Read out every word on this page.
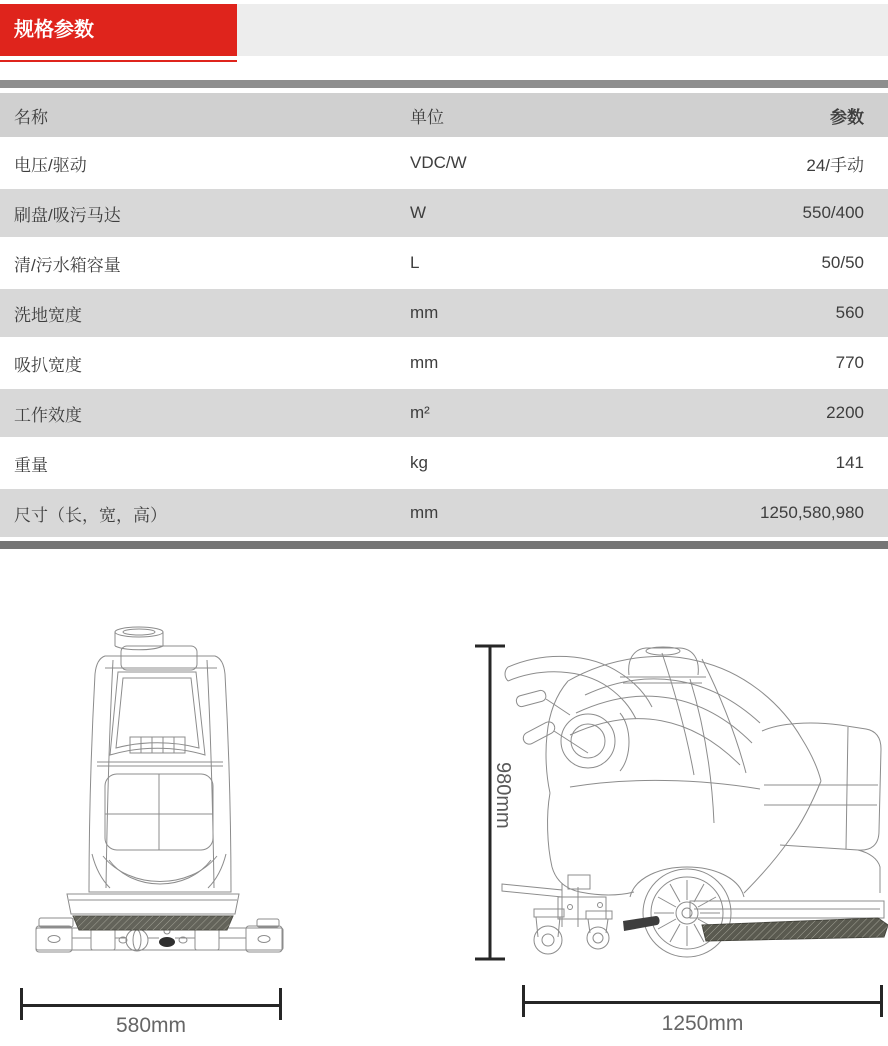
规格参数
名称	单位	参数
电压/驱动	VDC/W	24/手动
刷盘/吸污马达	W	550/400
清/污水箱容量	L	50/50
洗地宽度	mm	560
吸扒宽度	mm	770
工作效度	m²	2200
重量	kg	141
尺寸（长，宽，高）	mm	1250,580,980
980mm
580mm	1250mm
